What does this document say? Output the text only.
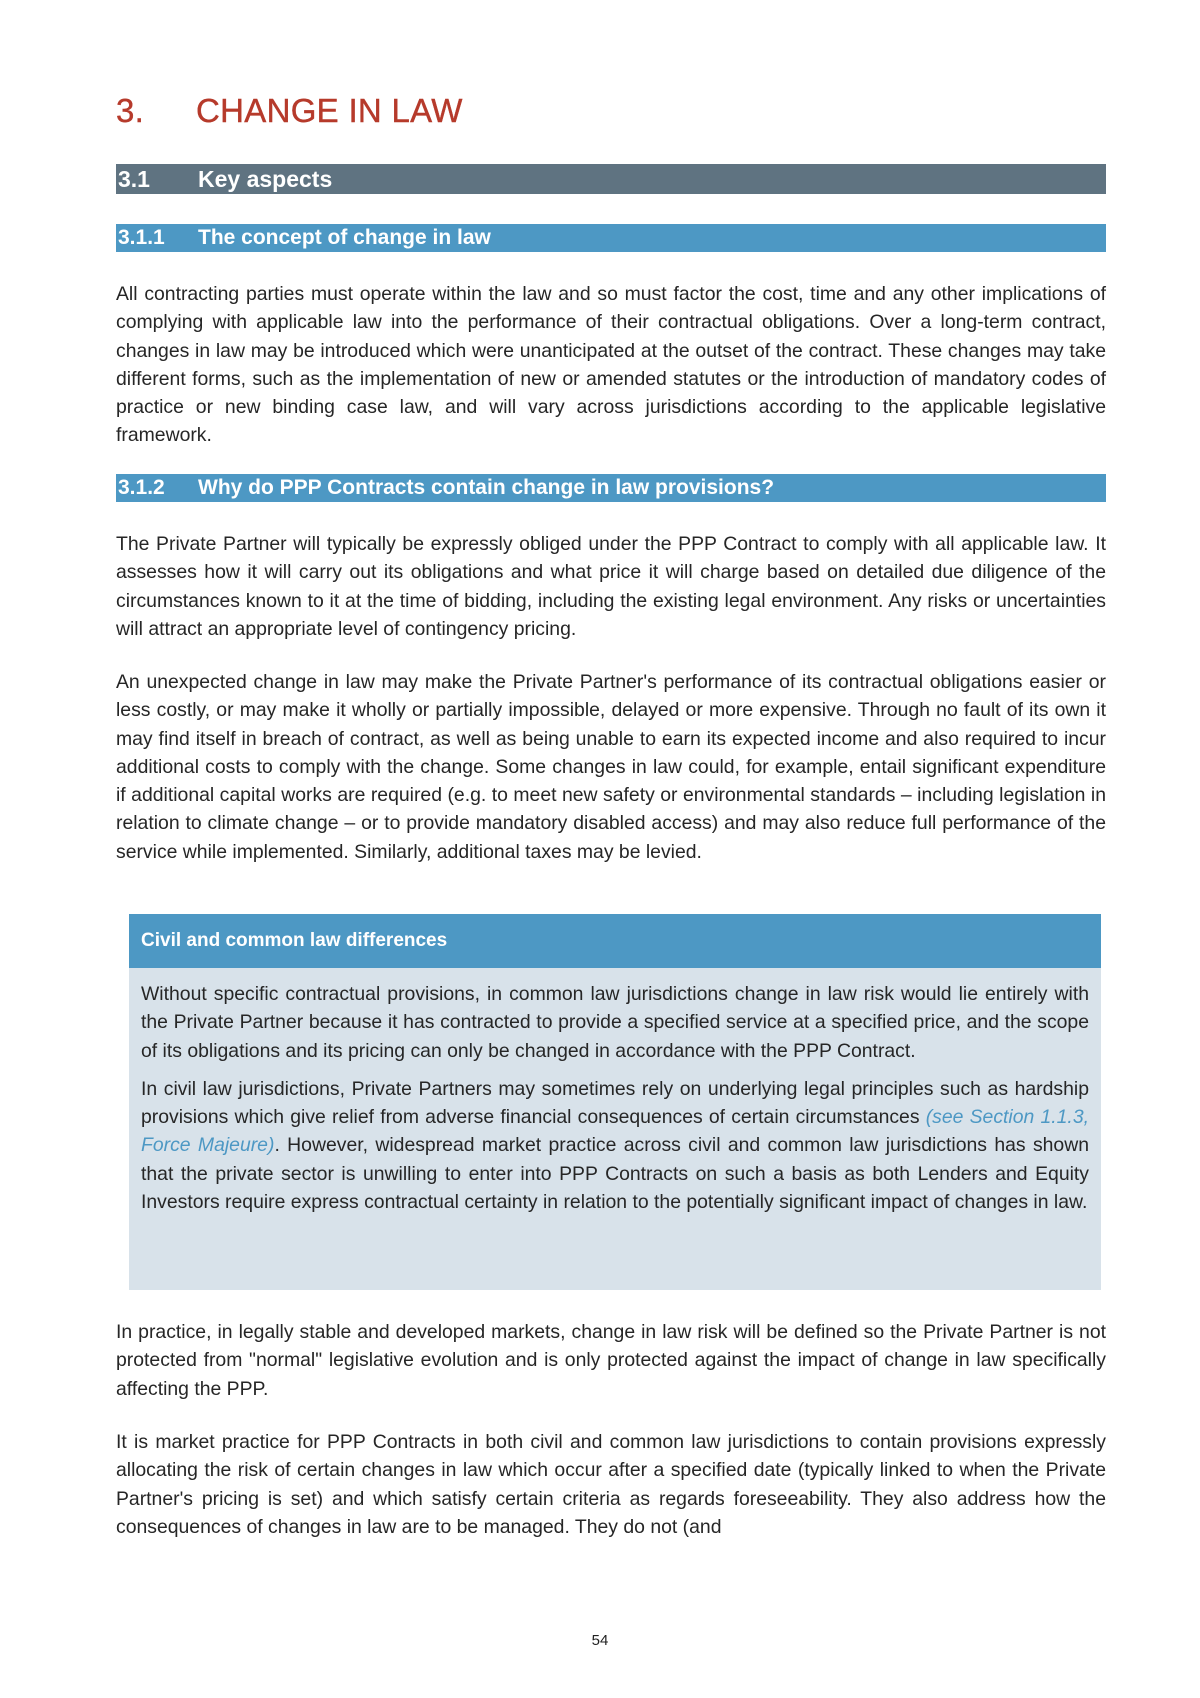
3. CHANGE IN LAW
3.1 Key aspects
3.1.1 The concept of change in law

All contracting parties must operate within the law and so must factor the cost, time and any other implications of complying with applicable law into the performance of their contractual obligations. Over a long-term contract, changes in law may be introduced which were unanticipated at the outset of the contract. These changes may take different forms, such as the implementation of new or amended statutes or the introduction of mandatory codes of practice or new binding case law, and will vary across jurisdictions according to the applicable legislative framework.

3.1.2 Why do PPP Contracts contain change in law provisions?

The Private Partner will typically be expressly obliged under the PPP Contract to comply with all applicable law. It assesses how it will carry out its obligations and what price it will charge based on detailed due diligence of the circumstances known to it at the time of bidding, including the existing legal environment. Any risks or uncertainties will attract an appropriate level of contingency pricing.

An unexpected change in law may make the Private Partner's performance of its contractual obligations easier or less costly, or may make it wholly or partially impossible, delayed or more expensive. Through no fault of its own it may find itself in breach of contract, as well as being unable to earn its expected income and also required to incur additional costs to comply with the change. Some changes in law could, for example, entail significant expenditure if additional capital works are required (e.g. to meet new safety or environmental standards – including legislation in relation to climate change – or to provide mandatory disabled access) and may also reduce full performance of the service while implemented. Similarly, additional taxes may be levied.

Civil and common law differences

Without specific contractual provisions, in common law jurisdictions change in law risk would lie entirely with the Private Partner because it has contracted to provide a specified service at a specified price, and the scope of its obligations and its pricing can only be changed in accordance with the PPP Contract.

In civil law jurisdictions, Private Partners may sometimes rely on underlying legal principles such as hardship provisions which give relief from adverse financial consequences of certain circumstances (see Section 1.1.3, Force Majeure). However, widespread market practice across civil and common law jurisdictions has shown that the private sector is unwilling to enter into PPP Contracts on such a basis as both Lenders and Equity Investors require express contractual certainty in relation to the potentially significant impact of changes in law.

In practice, in legally stable and developed markets, change in law risk will be defined so the Private Partner is not protected from "normal" legislative evolution and is only protected against the impact of change in law specifically affecting the PPP.

It is market practice for PPP Contracts in both civil and common law jurisdictions to contain provisions expressly allocating the risk of certain changes in law which occur after a specified date (typically linked to when the Private Partner's pricing is set) and which satisfy certain criteria as regards foreseeability. They also address how the consequences of changes in law are to be managed. They do not (and

54
